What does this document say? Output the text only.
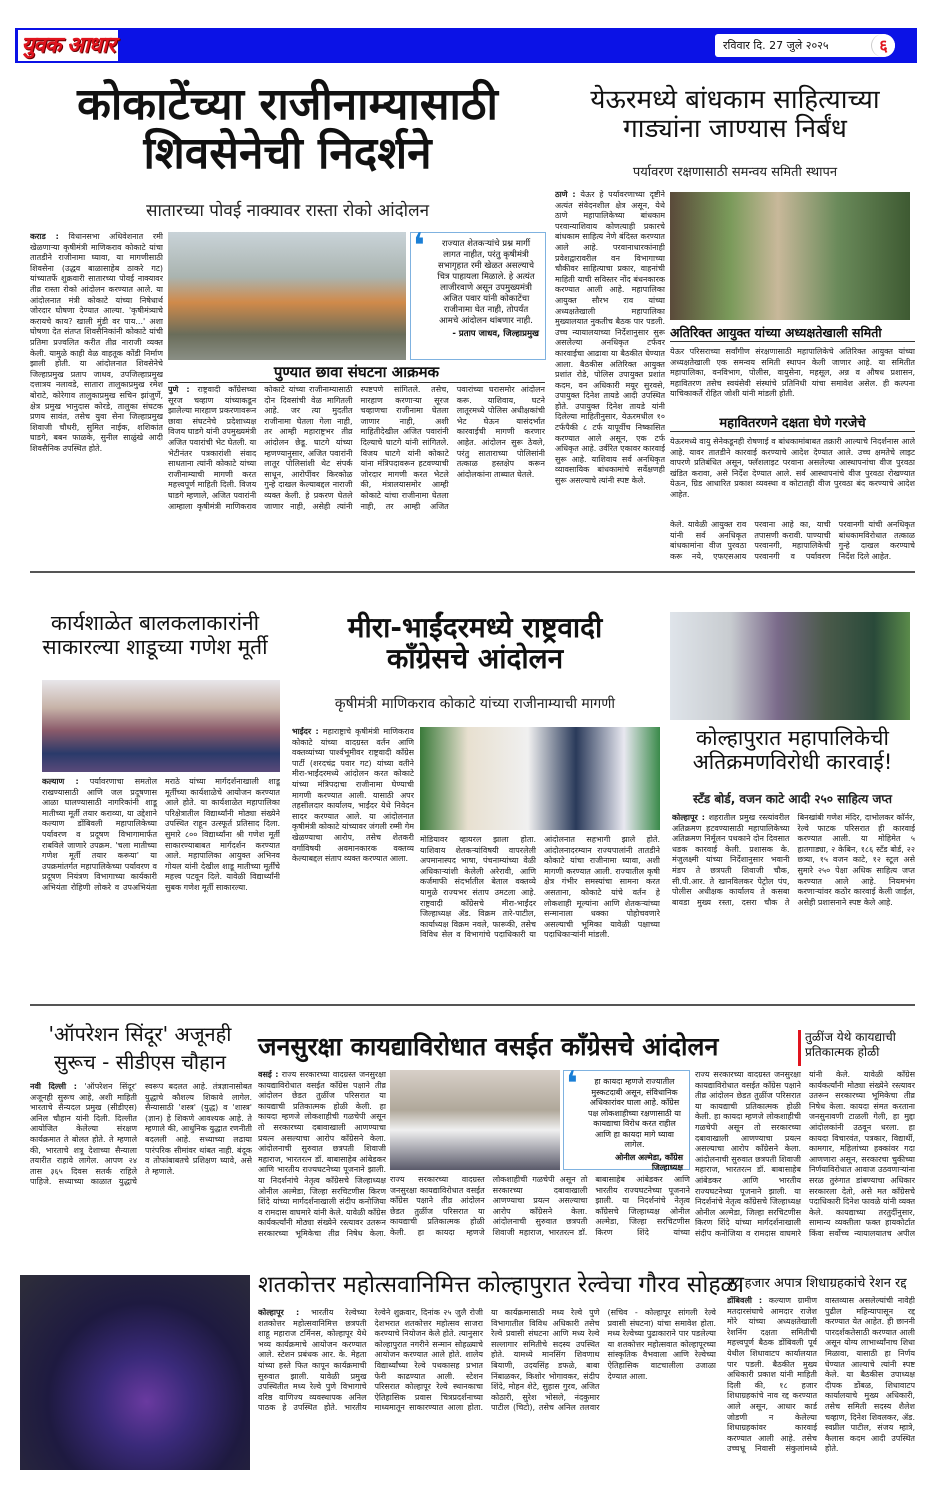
युवक आधार	रविवार दि. 27 जुले २०२५	६
कोकाटेंच्या राजीनाम्यासाठी
शिवसेनेची निदर्शने
सातारच्या पोवई नाक्यावर रास्ता रोको आंदोलन
कराड : विधानसभा अधिवेशनात रमी खेळणाऱ्या कृषीमंत्री माणिकराव कोकाटे यांचा तातडीने राजीनामा घ्यावा, या मागणीसाठी शिवसेना (उद्धव बाळासाहेब ठाकरे गट) यांच्यातर्फे शुक्रवारी सातारच्या पोवई नाक्यावर तीव्र रास्ता रोको आंदोलन करण्यात आले. या आंदोलनात मंत्री कोकाटे यांच्या निषेधार्थ जोरदार घोषणा देण्यात आल्या. 'कृषीमंत्र्याचे करायचे काय? खाली मुंडी वर पाय...' अशा घोषणा देत संतप्त शिवसैनिकांनी कोकाटे यांची प्रतिमा प्रज्वलित करीत तीव्र नाराजी व्यक्त केली. यामुळे काही वेळ वाहतूक कोंडी निर्माण झाली होती. या आंदोलनात शिवसेनेचे जिल्हाप्रमुख प्रताप जाधव, उपजिल्हाप्रमुख दत्तात्रय नलावडे, सातारा तालुकाप्रमुख रमेश बोराटे, कोरेगाव तालुकाप्रमुख सचिन झांजुर्णे, क्षेत्र प्रमुख भानुदास कोरडे, तालुका संघटक प्रणय सावंत, तसेच युवा सेना जिल्हाप्रमुख शिवाजी चौधरी, सुमित नाईक, शशिकांत घाडगे, बबन फाळके, सुनील साळुंखे आदी शिवसैनिक उपस्थित होते.
❛ राज्यात शेतकऱ्यांचे प्रश्न मार्गी लागत नाहीत, परंतु कृषीमंत्री सभागृहात रमी खेळत असल्याचे चित्र पाहायला मिळाले. हे अत्यंत लाजीरवाणे असून उपमुख्यमंत्री अजित पवार यांनी कोकाटेंचा राजीनामा घेत नाही, तोपर्यंत आमचे आंदोलन थांबणार नाही.
- प्रताप जाधव, जिल्हाप्रमुख
पुण्यात छावा संघटना आक्रमक
पुणे : राष्ट्रवादी काँग्रेसच्या सूरज चव्हाण यांच्याकडून झालेल्या मारहाण प्रकरणावरून छावा संघटनेचे प्रदेशाध्यक्ष विजय घाडगे यांनी उपमुख्यमंत्री अजित पवारांची भेट घेतली. या भेटीनंतर पत्रकारांशी संवाद साधताना त्यांनी कोकाटे यांच्या राजीनाम्याची मागणी करत महत्त्वपूर्ण माहिती दिली. विजय घाडगे म्हणाले, अजित पवारांनी आम्हाला कृषीमंत्री माणिकराव कोकाटे यांच्या राजीनाम्यासाठी दोन दिवसांची वेळ मागितली आहे. जर त्या मुदतीत राजीनामा घेतला गेला नाही, तर आम्ही महाराष्ट्रभर तीव्र आंदोलन छेडू. घाटगे यांच्या म्हणण्यानुसार, अजित पवारांनी लातूर पोलिसांशी थेट संपर्क साधून, आरोपींवर किरकोळ गुन्हे दाखल केल्याबद्दल नाराजी व्यक्त केली. हे प्रकरण घेतले जाणार नाही, असेही त्यांनी स्पष्टपणे सांगितले. तसेच, मारहाण करणाऱ्या सूरज चव्हाणचा राजीनामा घेतला जाणार नाही, अशी माहितीदेखील अजित पवारांनी दिल्याचे घाटगे यांनी सांगितले. विजय घाटगे यांनी कोकाटे यांना मंत्रिपदावरून हटवण्याची जोरदार मागणी करत भेटले की, मंत्रालयासमोर आम्ही कोकाटे यांचा राजीनामा घेतला नाही, तर आम्ही अजित पवारांच्या घरासमोर आंदोलन करू. याशिवाय, घटने लातूरमध्ये पोलिस अधीक्षकांची भेट घेऊन यासंदर्भात कारवाईची मागणी करणार आहेत. आंदोलन सुरू ठेवले, परंतु साताराच्या पोलिसांनी तत्काळ हस्तक्षेप करून आंदोलकांना ताब्यात घेतले.
येऊरमध्ये बांधकाम साहित्याच्या
गाड्यांना जाण्यास निर्बंध
पर्यावरण रक्षणासाठी समन्वय समिती स्थापन
ठाणे : येऊर हे पर्यावरणाच्या दृष्टीने अत्यंत संवेदनशील क्षेत्र असून, येथे ठाणे महापालिकेच्या बांधकाम परवान्याशिवाय कोणत्याही प्रकारचे बांधकाम साहित्य नेणे बंदिस्त करण्यात आले आहे. परवानाधारकांनाही प्रवेशद्वारावरील वन विभागाच्या चौकीवर साहित्याचा प्रकार, वाहनांची माहिती याची सविस्तर नोंद बंधनकारक करण्यात आली आहे. महापालिका आयुक्त सौरभ राव यांच्या अध्यक्षतेखाली महापालिका मुख्यालयात नुकतीच बैठक पार पडली. उच्च न्यायालयाच्या निर्देशानुसार सुरू असलेल्या अनधिकृत टर्फवर कारवाईचा आढावा या बैठकीत घेण्यात आला. बैठकीस अतिरिक्त आयुक्त प्रशांत रोडे, पोलिस उपायुक्त प्रशांत कदम, वन अधिकारी मयूर सुरवसे, उपायुक्त दिनेश तायडे आदी उपस्थित होते. उपायुक्त दिनेश तायडे यांनी दिलेल्या माहितीनुसार, येऊरमधील १० टर्फपैकी ८ टर्फ यापूर्वीच निष्कासित करण्यात आले असून, एक टर्फ अधिकृत आहे. उर्वरित एकावर कारवाई सुरू आहे. याशिवाय सर्व अनधिकृत व्यावसायिक बांधकामांचे सर्वेक्षणही सुरू असल्याचे त्यांनी स्पष्ट केले.
अतिरिक्त आयुक्त यांच्या अध्यक्षतेखाली समिती
येऊर परिसराच्या सर्वांगीण संरक्षणासाठी महापालिकेचे अतिरिक्त आयुक्त यांच्या अध्यक्षतेखाली एक समन्वय समिती स्थापन केली जाणार आहे. या समितीत महापालिका, वनविभाग, पोलीस, वायुसेना, महसूल, अन्न व औषध प्रशासन, महावितरण तसेच स्वयंसेवी संस्थांचे प्रतिनिधी यांचा समावेश असेल. ही कल्पना याचिकाकर्ते रोहित जोशी यांनी मांडली होती.
महावितरणने दक्षता घेणे गरजेचे
येऊरमध्ये वायु सेनेकडूनही रोषणाई व बांधकामांबाबत तक्रारी आल्याचे निदर्शनास आले आहे. यावर तातडीने कारवाई करण्याचे आदेश देण्यात आले. उच्च क्षमतेचे लाइट वापरणे प्रतिबंधित असून, फ्लॅशलाइट परवाना असलेल्या आस्थापनांचा वीज पुरवठा खंडित करावा, असे निर्देश देण्यात आले. सर्व आस्थापनांचे वीज पुरवठा रोखण्यात येऊन, ग्रिड आधारित प्रकाश व्यवस्था व कोटातही वीज पुरवठा बंद करण्याचे आदेश आहेत.
केले. यावेळी आयुक्त राव यांनी सर्व अनधिकृत बांधकामांना वीज पुरवठा करू नये, एफएसआय परवाना आहे का, याची तपासणी करावी. पाण्याची परवानगी, महापालिकेची परवानगी व पर्यावरण परवानगी यांची अनधिकृत बांधकामविरोधात तत्काळ गुन्हे दाखल करण्याचे निर्देश दिले आहेत.
कार्यशाळेत बालकलाकारांनी
साकारल्या शाडूच्या गणेश मूर्ती
कल्याण : पर्यावरणाचा समतोल राखण्यासाठी आणि जल प्रदूषणास आळा घालण्यासाठी नागरिकांनी शाडू मातीच्या मूर्ती तयार कराव्या, या उद्देशाने कल्याण डोंबिवली महापालिकेच्या पर्यावरण व प्रदूषण विभागामार्फत राबविले जाणारे उपक्रम. 'चला मातीच्या गणेश मूर्ती तयार करूया' या उपक्रमांतर्गत महापालिकेच्या पर्यावरण व प्रदूषण नियंत्रण विभागाच्या कार्यकारी अभियंता रोहिणी लोकरे व उपअभियंता मराठे यांच्या मार्गदर्शनाखाली शाडू मूर्तीच्या कार्यशाळेचे आयोजन करण्यात आले होते. या कार्यशाळेत महापालिका परिक्षेत्रातील विद्यार्थ्यांनी मोठ्या संख्येने उपस्थित राहून उत्स्फूर्त प्रतिसाद दिला. सुमारे ८०० विद्यार्थ्यांना श्री गणेश मूर्ती साकारण्याबाबत मार्गदर्शन करण्यात आले. महापालिका आयुक्त अभिनव गोयल यांनी देखील शाडू मातीच्या मूर्तींचे महत्त्व पटवून दिले. यावेळी विद्यार्थ्यांनी सुबक गणेश मूर्ती साकारल्या.
मीरा-भाईंदरमध्ये राष्ट्रवादी
काँग्रेसचे आंदोलन
कृषीमंत्री माणिकराव कोकाटे यांच्या राजीनाम्याची मागणी
भाईंदर : महाराष्ट्राचे कृषीमंत्री माणिकराव कोकाटे यांच्या वादग्रस्त वर्तन आणि वक्तव्यांच्या पार्श्वभूमीवर राष्ट्रवादी काँग्रेस पार्टी (शरदचंद्र पवार गट) यांच्या वतीने मीरा-भाईंदरमध्ये आंदोलन करत कोकाटे यांच्या मंत्रिपदाचा राजीनामा घेण्याची मागणी करण्यात आली. यासाठी अपर तहसीलदार कार्यालय, भाईंदर येथे निवेदन सादर करण्यात आले. या आंदोलनात कृषीमंत्री कोकाटे यांच्यावर जंगली रम्मी गेम खेळण्याचा आरोप, तसेच शेतकरी वर्गाविषयी अवमानकारक वक्तव्य केल्याबद्दल संताप व्यक्त करण्यात आला.
मोडियावर व्हायरल झाला होता. याशिवाय शेतकऱ्यांविषयी वापरलेली अपमानास्पद भाषा, पंचनाम्यांच्या वेळी अधिकाऱ्यांशी केलेली अरेरावी, आणि कर्जमाफी संदर्भातील बेताल वक्तव्ये यामुळे राज्यभर संताप उमटला आहे. राष्ट्रवादी काँग्रेसचे मीरा-भाईंदर जिल्हाध्यक्ष ॲड. विक्रम तारे-पाटील, कार्याध्यक्ष विक्रम नवले, फारूकी, तसेच विविध सेल व विभागांचे पदाधिकारी या आंदोलनात सहभागी झाले होते. आंदोलनादरम्यान राज्यपालांनी तातडीने कोकाटे यांचा राजीनामा घ्यावा, अशी मागणी करण्यात आली. राज्यातील कृषी क्षेत्र गंभीर समस्यांचा सामना करत असताना, कोकाटे यांचे वर्तन हे लोकशाही मूल्यांना आणि शेतकऱ्यांच्या सन्मानाला धक्का पोहोचवणारे असल्याची भूमिका यावेळी पक्षाच्या पदाधिकाऱ्यांनी मांडली.
कोल्हापुरात महापालिकेची
अतिक्रमणविरोधी कारवाई!
स्टँड बोर्ड, वजन काटे आदी २५० साहित्य जप्त
कोल्हापूर : शहरातील प्रमुख रस्त्यांवरील अतिक्रमण हटवण्यासाठी महापालिकेच्या अतिक्रमण निर्मूलन पथकाने दोन दिवसात धडक कारवाई केली. प्रशासक के. मंजुलक्ष्मी यांच्या निर्देशानुसार भवानी मंडप ते छत्रपती शिवाजी चौक, सी.पी.आर. ते खानविलकर पेट्रोल पंप, पोलीस अधीक्षक कार्यालय ते कसबा बावडा मुख्य रस्ता, दसरा चौक ते बिनखांबी गणेश मंदिर, दाभोलकर कॉर्नर, रेल्वे फाटक परिसरात ही कारवाई करण्यात आली. या मोहिमेत ५ हातगाड्या, २ केबिन, १८६ स्टँड बोर्ड, २२ छत्र्या, १५ वजन काटे, १२ स्टूल असे सुमारे २५० पेक्षा अधिक साहित्य जप्त करण्यात आले आहे. नियमभंग करणाऱ्यांवर कठोर कारवाई केली जाईल, असेही प्रशासनाने स्पष्ट केले आहे.
'ऑपरेशन सिंदूर' अजूनही
सुरूच - सीडीएस चौहान
नवी दिल्ली : 'ऑपरेशन सिंदूर' अजूनही सुरूच आहे, अशी माहिती भारताचे सैन्यदल प्रमुख (सीडीएस) अनिल चौहान यांनी दिली. दिल्लीत आयोजित केलेल्या संरक्षण कार्यक्रमात ते बोलत होते. ते म्हणाले की, भारताचे शत्रू देशाच्या सैन्याला तयारीत राहावे लागेल. आपण २४ तास ३६५ दिवस सतर्क राहिले पाहिजे. सध्याच्या काळात युद्धाचे स्वरूप बदलत आहे. तंत्रज्ञानासोबत युद्धाचे कौशल्य शिकावे लागेल. सैन्यासाठी 'शस्त्र' (युद्ध) व 'शास्त्र' (ज्ञान) हे शिकणे आवश्यक आहे. ते म्हणाले की, आधुनिक युद्धात रणनीती बदलली आहे. सध्याच्या लढाया पारंपरिक सीमांवर थांबत नाही. बंदूक व तोफांबाबतचे प्रशिक्षण घ्यावे, असे ते म्हणाले.
जनसुरक्षा कायद्याविरोधात वसईत काँग्रेसचे आंदोलन	तुळींज येथे कायद्याची प्रतिकात्मक होळी
वसई : राज्य सरकारच्या वादग्रस्त जनसुरक्षा कायद्याविरोधात वसईत काँग्रेस पक्षाने तीव्र आंदोलन छेडत तुळींज परिसरात या कायद्याची प्रतिकात्मक होळी केली. हा कायदा म्हणजे लोकशाहीची गळचेपी असून तो सरकारच्या दबावाखाली आणण्याचा प्रयत्न असल्याचा आरोप काँग्रेसने केला. आंदोलनाची सुरुवात छत्रपती शिवाजी महाराज, भारतरत्न डॉ. बाबासाहेब आंबेडकर आणि भारतीय राज्यघटनेच्या पूजनाने झाली. या निदर्शनांचे नेतृत्व काँग्रेसचे जिल्हाध्यक्ष ओनील अल्मेडा, जिल्हा सरचिटणीस किरण शिंदे यांच्या मार्गदर्शनाखाली संदीप कनोजिया व रामदास वाघमारे यांनी केले. यावेळी काँग्रेस कार्यकर्त्यांनी मोठ्या संख्येने रस्त्यावर उतरून सरकारच्या भूमिकेचा तीव्र निषेध केला.
❛ हा कायदा म्हणजे राज्यातील मुस्कटदाबी असून, संविधानिक अधिकारांवर घाला आहे. काँग्रेस पक्ष लोकशाहीच्या रक्षणासाठी या कायद्याचा विरोध करत राहील आणि हा कायदा मागे घ्यावा लागेल.
ओनील अल्मेडा, काँग्रेस जिल्हाध्यक्ष
राज्य सरकारच्या वादग्रस्त जनसुरक्षा कायद्याविरोधात वसईत काँग्रेस पक्षाने तीव्र आंदोलन छेडत तुळींज परिसरात या कायद्याची प्रतिकात्मक होळी केली. हा कायदा म्हणजे लोकशाहीची गळचेपी असून तो सरकारच्या दबावाखाली आणण्याचा प्रयत्न असल्याचा आरोप काँग्रेसने केला. आंदोलनाची सुरुवात छत्रपती शिवाजी महाराज, भारतरत्न डॉ. बाबासाहेब आंबेडकर आणि भारतीय राज्यघटनेच्या पूजनाने झाली. या निदर्शनांचे नेतृत्व काँग्रेसचे जिल्हाध्यक्ष ओनील अल्मेडा, जिल्हा सरचिटणीस किरण शिंदे यांच्या
राज्य सरकारच्या वादग्रस्त जनसुरक्षा कायद्याविरोधात वसईत काँग्रेस पक्षाने तीव्र आंदोलन छेडत तुळींज परिसरात या कायद्याची प्रतिकात्मक होळी केली. हा कायदा म्हणजे लोकशाहीची गळचेपी असून तो सरकारच्या दबावाखाली आणण्याचा प्रयत्न असल्याचा आरोप काँग्रेसने केला. आंदोलनाची सुरुवात छत्रपती शिवाजी महाराज, भारतरत्न डॉ. बाबासाहेब आंबेडकर आणि भारतीय राज्यघटनेच्या पूजनाने झाली. या निदर्शनांचे नेतृत्व काँग्रेसचे जिल्हाध्यक्ष ओनील अल्मेडा, जिल्हा सरचिटणीस किरण शिंदे यांच्या मार्गदर्शनाखाली संदीप कनोजिया व रामदास वाघमारे यांनी केले. यावेळी काँग्रेस कार्यकर्त्यांनी मोठ्या संख्येने रस्त्यावर उतरून सरकारच्या भूमिकेचा तीव्र निषेध केला. कायदा संमत करताना जनसुनावणी टाळली गेली, हा मुद्दा आंदोलकांनी उठवून धरला. हा कायदा विचारवंत, पत्रकार, विद्यार्थी, कामगार, महिलांच्या हक्कांवर गदा आणणारा असून, सरकारचा चुकीच्या निर्णयाविरोधात आवाज उठवणाऱ्यांना सरळ तुरुंगात डांबण्याचा अधिकार सरकारला देतो, असे मत काँग्रेसचे पदाधिकारी दिनेश फावळे यांनी व्यक्त केले. कायद्याच्या तरतुदींनुसार, सामान्य व्यक्तीला फक्त हायकोर्टात किंवा सर्वोच्च न्यायालयातच अपील
शतकोत्तर महोत्सवानिमित्त कोल्हापुरात रेल्वेचा गौरव सोहळा
कोल्हापूर : भारतीय रेल्वेच्या शतकोत्तर महोत्सवानिमित्त छत्रपती शाहू महाराज टर्मिनस, कोल्हापूर येथे भव्य कार्यक्रमाचे आयोजन करण्यात आले. स्टेशन प्रबंधक आर. के. मेहता यांच्या हस्ते फित कापून कार्यक्रमाची सुरुवात झाली. यावेळी प्रमुख उपस्थितीत मध्य रेल्वे पुणे विभागाचे वरिष्ठ वाणिज्य व्यवस्थापक अनिल पाठक हे उपस्थित होते. भारतीय रेल्वेने शुक्रवार, दिनांक २५ जुलै रोजी देशभरात शतकोत्तर महोत्सव साजरा करण्याचे नियोजन केले होते. त्यानुसार कोल्हापुरात नगरीने सन्मान सोहळ्याचे आयोजन करण्यात आले होते. शालेय विद्यार्थ्यांच्या रेल्वे पथकासह प्रभात फेरी काढण्यात आली. स्टेशन परिसरात कोल्हापूर रेल्वे स्थानकाचा ऐतिहासिक प्रवास चित्रप्रदर्शनाच्या माध्यमातून साकारण्यात आला होता. या कार्यक्रमासाठी मध्य रेल्वे पुणे विभागातील विविध अधिकारी तसेच रेल्वे प्रवासी संघटना आणि मध्य रेल्वे सल्लागार समितीचे सदस्य उपस्थित होते. यामध्ये मानसिंग शिवणाथ बियाणी, उदयसिंह डफळे, बाबा निंबाळकर, किशोर भोगावकर, संदीप शिंदे, मोहन शेटे, सुहास गुरव, अजित कोठारी, सुरेश भोसले, नंदकुमार पाटील (चिटो), तसेच अनिल तलवार (सचिव - कोल्हापूर सांगली रेल्वे प्रवासी संघटना) यांचा समावेश होता. मध्य रेल्वेच्या पुढाकाराने पार पडलेल्या या शतकोत्तर महोत्सवात कोल्हापूरच्या सांस्कृतिक वैभवाला आणि रेल्वेच्या ऐतिहासिक वाटचालीला उजाळा देण्यात आला.
१८ हजार अपात्र शिधाग्रहकांचे रेशन रद्द
डोंबिवली : कल्याण ग्रामीण मतदारसंघाचे आमदार राजेश मोरे यांच्या अध्यक्षतेखाली रेशनिंग दक्षता समितीची महत्त्वपूर्ण बैठक डोंबिवली पूर्व येथील शिधावाटप कार्यालयात पार पडली. बैठकीत मुख्य अधिकारी प्रकाश यांनी माहिती दिली की, १८ हजार शिधाग्रहकांचे नाव रद्द करण्यात आले असून, आधार कार्ड जोडणी न केलेल्या शिधाग्रहकांवर कारवाई करण्यात आली आहे. तसेच उच्चभ्रू निवासी संकुलांमध्ये वास्तव्यास असलेल्यांची नावेही पुढील महिन्यापासून रद्द करण्यात येत आहेत. ही छाननी पारदर्शकतेसाठी करण्यात आली असून योग्य लाभार्थ्यांनाच शिधा मिळावा, यासाठी हा निर्णय घेण्यात आल्याचे त्यांनी स्पष्ट केले. या बैठकीस उपाध्यक्ष दीपक डोंबळ, शिधावाटप कार्यालयाचे मुख्य अधिकारी, तसेच समिती सदस्य शैलेश चव्हाण, दिनेश शिवलकर, ॲड. स्वप्नील पाटील, संजय म्हात्रे, कैलास कदम आदी उपस्थित होते.
